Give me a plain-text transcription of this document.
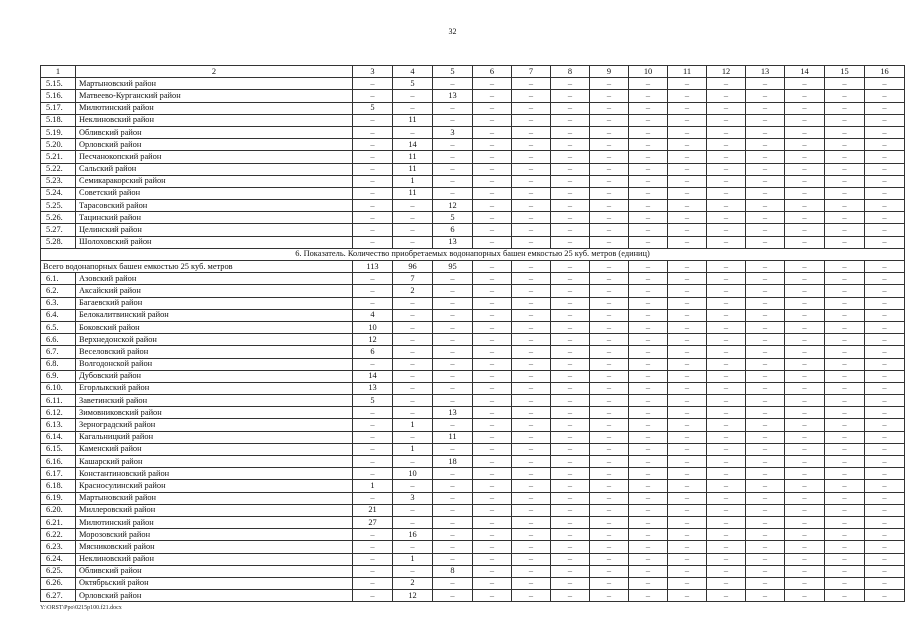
32
1	2	3	4	5	6	7	8	9	10	11	12	13	14	15	16
5.15.	Мартыновский район	–	5	–	–	–	–	–	–	–	–	–	–	–	–
5.16.	Матвеево-Курганский район	–	–	13	–	–	–	–	–	–	–	–	–	–	–
5.17.	Милютинский район	5	–	–	–	–	–	–	–	–	–	–	–	–	–
5.18.	Неклиновский район	–	11	–	–	–	–	–	–	–	–	–	–	–	–
5.19.	Обливский район	–	–	3	–	–	–	–	–	–	–	–	–	–	–
5.20.	Орловский район	–	14	–	–	–	–	–	–	–	–	–	–	–	–
5.21.	Песчанокопский район	–	11	–	–	–	–	–	–	–	–	–	–	–	–
5.22.	Сальский район	–	11	–	–	–	–	–	–	–	–	–	–	–	–
5.23.	Семикаракорский район	–	1	–	–	–	–	–	–	–	–	–	–	–	–
5.24.	Советский район	–	11	–	–	–	–	–	–	–	–	–	–	–	–
5.25.	Тарасовский район	–	–	12	–	–	–	–	–	–	–	–	–	–	–
5.26.	Тацинский район	–	–	5	–	–	–	–	–	–	–	–	–	–	–
5.27.	Целинский район	–	–	6	–	–	–	–	–	–	–	–	–	–	–
5.28.	Шолоховский район	–	–	13	–	–	–	–	–	–	–	–	–	–	–
6. Показатель. Количество приобретаемых водонапорных башен емкостью 25 куб. метров (единиц)															
Всего водонапорных башен емкостью 25 куб. метров		113	96	95	–	–	–	–	–	–	–	–	–	–	–
6.1.	Азовский район	–	7	–	–	–	–	–	–	–	–	–	–	–	–
6.2.	Аксайский район	–	2	–	–	–	–	–	–	–	–	–	–	–	–
6.3.	Багаевский район	–	–	–	–	–	–	–	–	–	–	–	–	–	–
6.4.	Белокалитвинский район	4	–	–	–	–	–	–	–	–	–	–	–	–	–
6.5.	Боковский район	10	–	–	–	–	–	–	–	–	–	–	–	–	–
6.6.	Верхнедонской район	12	–	–	–	–	–	–	–	–	–	–	–	–	–
6.7.	Веселовский район	6	–	–	–	–	–	–	–	–	–	–	–	–	–
6.8.	Волгодонской район	–	–	–	–	–	–	–	–	–	–	–	–	–	–
6.9.	Дубовский район	14	–	–	–	–	–	–	–	–	–	–	–	–	–
6.10.	Егорлыкский район	13	–	–	–	–	–	–	–	–	–	–	–	–	–
6.11.	Заветинский район	5	–	–	–	–	–	–	–	–	–	–	–	–	–
6.12.	Зимовниковский район	–	–	13	–	–	–	–	–	–	–	–	–	–	–
6.13.	Зерноградский район	–	1	–	–	–	–	–	–	–	–	–	–	–	–
6.14.	Кагальницкий район	–	–	11	–	–	–	–	–	–	–	–	–	–	–
6.15.	Каменский район	–	1	–	–	–	–	–	–	–	–	–	–	–	–
6.16.	Кашарский район	–	–	18	–	–	–	–	–	–	–	–	–	–	–
6.17.	Константиновский район	–	10	–	–	–	–	–	–	–	–	–	–	–	–
6.18.	Красносулинский район	1	–	–	–	–	–	–	–	–	–	–	–	–	–
6.19.	Мартыновский район	–	3	–	–	–	–	–	–	–	–	–	–	–	–
6.20.	Миллеровский район	21	–	–	–	–	–	–	–	–	–	–	–	–	–
6.21.	Милютинский район	27	–	–	–	–	–	–	–	–	–	–	–	–	–
6.22.	Морозовский район	–	16	–	–	–	–	–	–	–	–	–	–	–	–
6.23.	Мясниковский район	–	–	–	–	–	–	–	–	–	–	–	–	–	–
6.24.	Неклиновский район	–	1	–	–	–	–	–	–	–	–	–	–	–	–
6.25.	Обливский район	–	–	8	–	–	–	–	–	–	–	–	–	–	–
6.26.	Октябрьский район	–	2	–	–	–	–	–	–	–	–	–	–	–	–
6.27.	Орловский район	–	12	–	–	–	–	–	–	–	–	–	–	–	–
Y:\ORST\Ppo\0215p100.f21.docx
